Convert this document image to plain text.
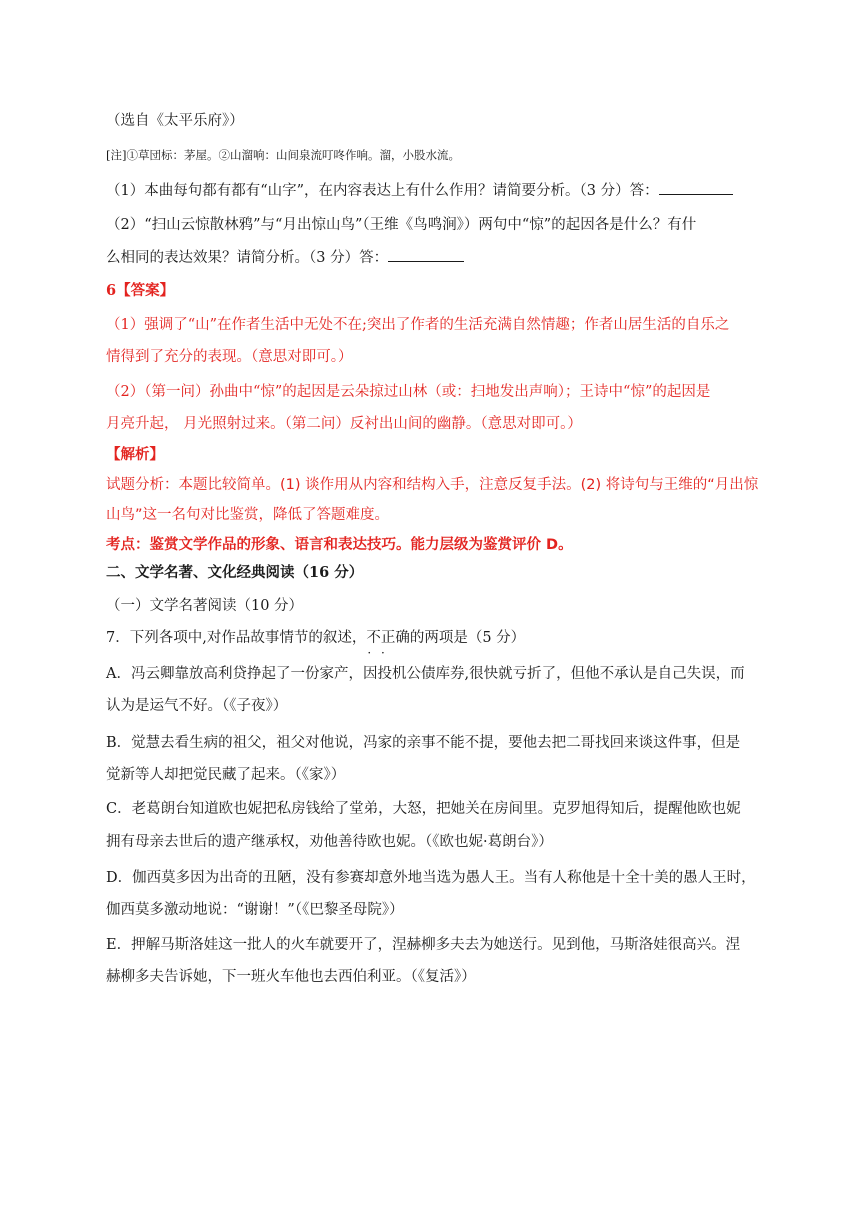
（选自《太平乐府》）
[注]①草団标：茅屋。②山溜响：山间泉流叮咚作响。溜，小股水流。
（1）本曲每句都有都有“山字”，在内容表达上有什么作用？请简要分析。（3 分）答：
（2）“扫山云惊散林鸦”与“月出惊山鸟”（王维《鸟鸣涧》）两句中“惊”的起因各是什么？有什
么相同的表达效果？请简分析。（3 分）答：
6【答案】
（1）强调了“山”在作者生活中无处不在;突出了作者的生活充满自然情趣；作者山居生活的自乐之
情得到了充分的表现。（意思对即可。）
（2）（第一问）孙曲中“惊”的起因是云朵掠过山林（或：扫地发出声响）；王诗中“惊”的起因是
月亮升起， 月光照射过来。（第二问）反衬出山间的幽静。（意思对即可。）
【解析】
试题分析：本题比较简单。(1) 谈作用从内容和结构入手，注意反复手法。(2) 将诗句与王维的“月出惊
山鸟”这一名句对比鉴赏，降低了答题难度。
考点：鉴赏文学作品的形象、语言和表达技巧。能力层级为鉴赏评价 D。
二、文学名著、文化经典阅读（16 分）
（一）文学名著阅读（10 分）
7．下列各项中,对作品故事情节的叙述，不正确 · ·的两项是（5 分）
A．冯云卿靠放高利贷挣起了一份家产，因投机公债库券,很快就亏折了，但他不承认是自己失误，而
认为是运气不好。（《子夜》）
B．觉慧去看生病的祖父，祖父对他说，冯家的亲事不能不提，要他去把二哥找回来谈这件事，但是
觉新等人却把觉民藏了起来。（《家》）
C．老葛朗台知道欧也妮把私房钱给了堂弟，大怒，把她关在房间里。克罗旭得知后，提醒他欧也妮
拥有母亲去世后的遗产继承权，劝他善待欧也妮。（《欧也妮·葛朗台》）
D．伽西莫多因为出奇的丑陋，没有参赛却意外地当选为愚人王。当有人称他是十全十美的愚人王时，
伽西莫多激动地说：“谢谢！”（《巴黎圣母院》）
E．押解马斯洛娃这一批人的火车就要开了，涅赫柳多夫去为她送行。见到他，马斯洛娃很高兴。涅
赫柳多夫告诉她，下一班火车他也去西伯利亚。（《复活》）
